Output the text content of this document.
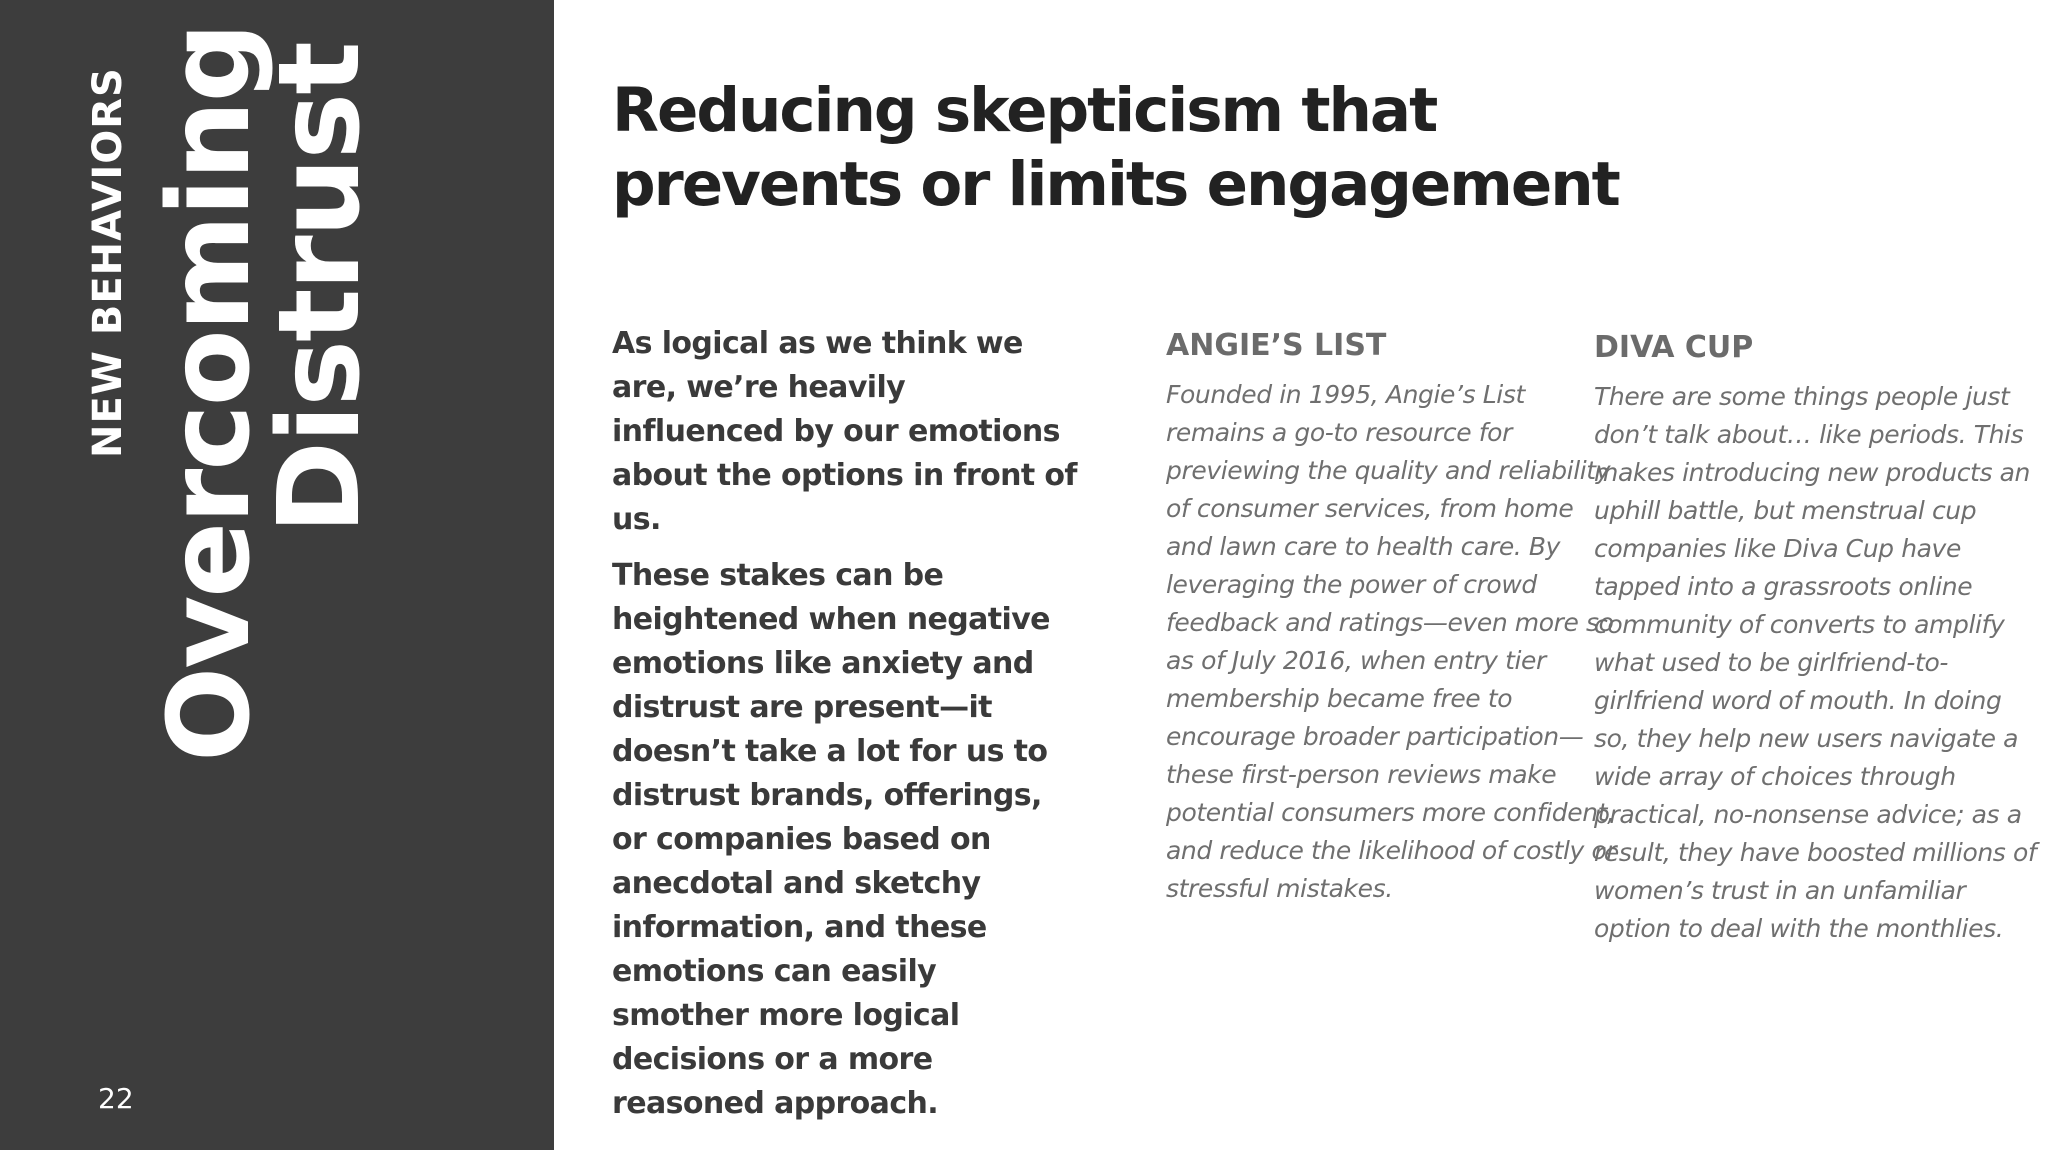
NEW BEHAVIORS Overcoming
Distrust
22
Reducing skepticism that
prevents or limits engagement

As logical as we think we are, we’re heavily influenced by our emotions about the options in front of us.

These stakes can be heightened when negative emotions like anxiety and distrust are present—it doesn’t take a lot for us to distrust brands, offerings, or companies based on anecdotal and sketchy information, and these emotions can easily smother more logical decisions or a more reasoned approach.

ANGIE’S LIST
Founded in 1995, Angie’s List remains a go-to resource for previewing the quality and reliability of consumer services, from home and lawn care to health care. By leveraging the power of crowd feedback and ratings—even more so as of July 2016, when entry tier membership became free to encourage broader participation—these first-person reviews make potential consumers more confident, and reduce the likelihood of costly or stressful mistakes.
DIVA CUP
There are some things people just don’t talk about… like periods. This makes introducing new products an uphill battle, but menstrual cup companies like Diva Cup have tapped into a grassroots online community of converts to amplify what used to be girlfriend-to-girlfriend word of mouth. In doing so, they help new users navigate a wide array of choices through practical, no-nonsense advice; as a result, they have boosted millions of women’s trust in an unfamiliar option to deal with the monthlies.
